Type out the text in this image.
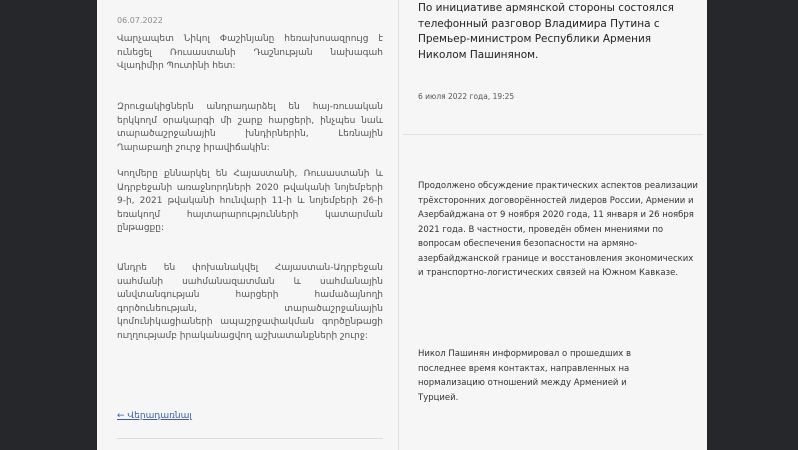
06.07.2022
Վարչապետ Նիկոլ Փաշինյանը հեռախոսազրույց է ունեցել Ռուսաստանի Դաշնության նախագահ Վլադիմիր Պուտինի հետ:
Զրուցակիցներն անդրադարձել են հայ-ռուսական երկկողմ օրակարգի մի շարք հարցերի, ինչպես նաև տարածաշրջանային խնդիրներին, Լեռնային Ղարաբաղի շուրջ իրավիճակին:
Կողմերը քննարկել են Հայաստանի, Ռուսաստանի և Ադրբեջանի առաջնորդների 2020 թվականի նոյեմբերի 9-ի, 2021 թվականի հունվարի 11-ի և նոյեմբերի 26-ի եռակողմ հայտարարությունների կատարման ընթացքը:
Անդրե են փոխանակվել Հայաստան-Ադրբեջան սահմանի սահմանազատման և սահմանային անվտանգության հարցերի համաձայնողի գործունեության, տարածաշրջանային կոմունիկացիաների ապաշրջափակման գործընթացի ուղղությամբ իրականացվող աշխատանքների շուրջ:
← Վերադառնալ
По инициативе армянской стороны состоялся телефонный разговор Владимира Путина с Премьер-министром Республики Армения Николом Пашиняном.
6 июля 2022 года, 19:25
Продолжено обсуждение практических аспектов реализации трёхсторонних договорённостей лидеров России, Армении и Азербайджана от 9 ноября 2020 года, 11 января и 26 ноября 2021 года. В частности, проведён обмен мнениями по вопросам обеспечения безопасности на армяно-азербайджанской границе и восстановления экономических и транспортно-логистических связей на Южном Кавказе.
Никол Пашинян информировал о прошедших в последнее время контактах, направленных на нормализацию отношений между Арменией и Турцией.
